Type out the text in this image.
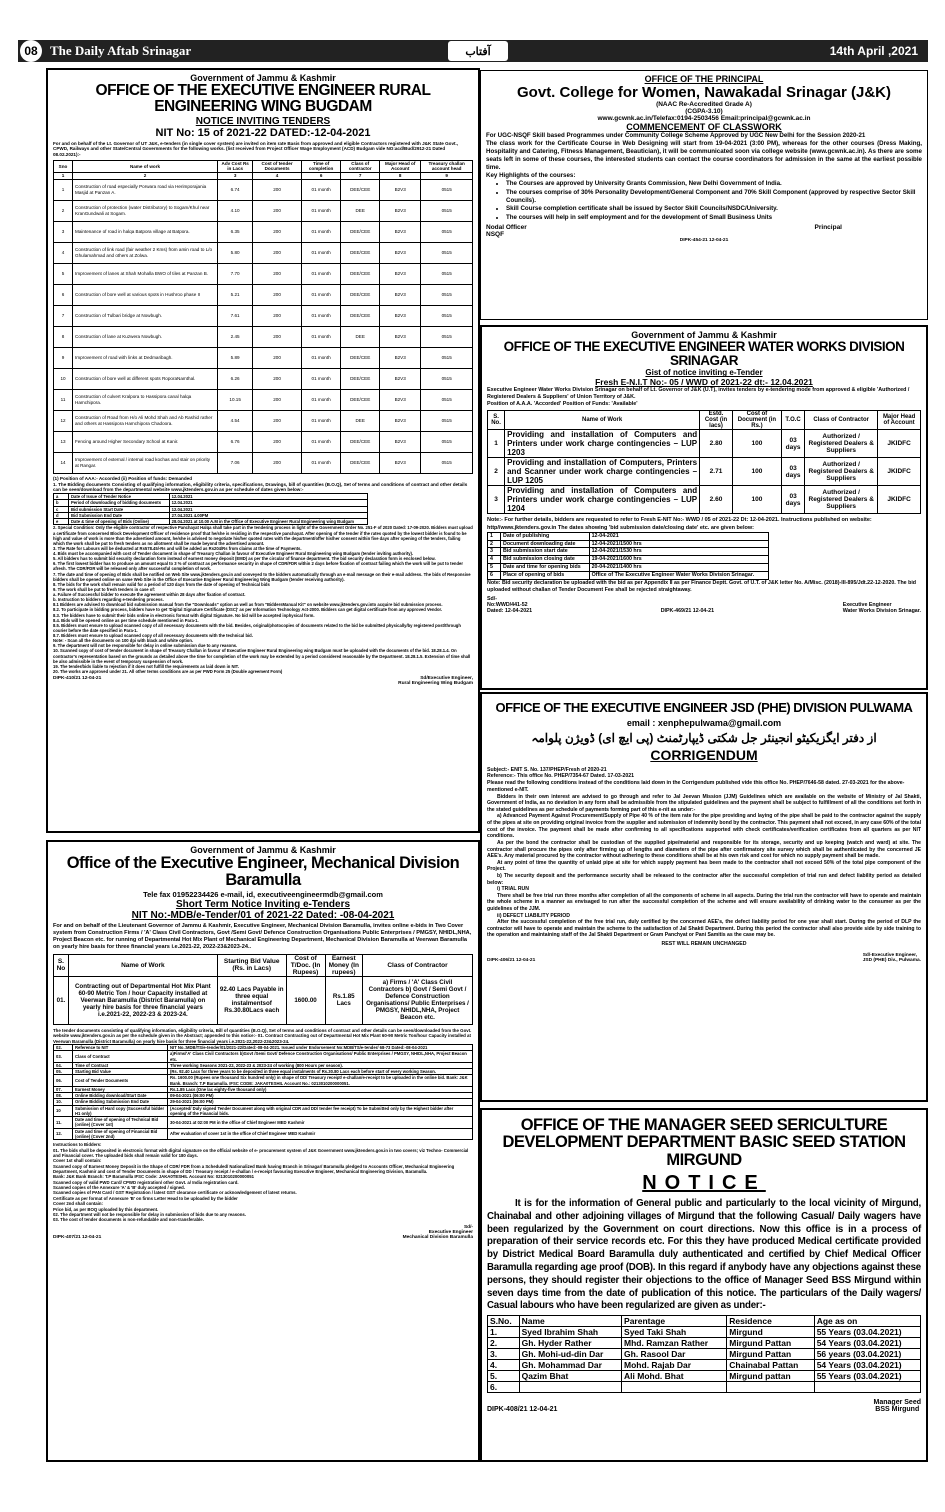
08 The Daily Aftab Srinagar	آفتاب	14th April ,2021
Government of Jammu & Kashmir
OFFICE OF THE EXECUTIVE ENGINEER RURAL ENGINEERING WING BUGDAM
NOTICE INVITING TENDERS
NIT No: 15 of 2021-22 DATED:-12-04-2021
For and on behalf of the Lt. Governor of UT J&K, e-tenders (in single cover system) are invited on item rate Basis from approved and eligible Contractors registered with J&K State Govt., CPWD, Railways and other State/Central Governments for the following works. (list received from Project Officer Wage Employment (ACD) Budgam vide NO:acd/Bud/2912-21 Dated 08.02.2021):-
Sno	Name of work	Adv Cost Rs in Lacs	Cost of tender Documents	Time of completion	Class of contractor	Major Head of Account	Treasury challan account head
1	2	3	4	6	7	8	9
1	Construction of road especially Porwara road via Herimporajania Masjid at Panzan A.	6.74	200	01 month	DEE/CEE	B2V3	0515
2	Construction of protection (water Distributory) to Sogam/Khul near KranGundwali at Sogam.	4.10	200	01 month	DEE	B2V3	0515
3	Maintenance of road in halqa Batpora village at Batpora.	6.35	200	01 month	DEE/CEE	B2V3	0515
4	Construction of link road (fair weather 2 Kms) from amin road to L/o Ghulamahmad and others at Zolwa.	5.80	200	01 month	DEE/CEE	B2V3	0515
5	Improvement of lanes at Shah Mohalla BWO of tiles at Panzan B.	7.70	200	01 month	DEE/CEE	B2V3	0515
6	Construction of bore well at various spots in Hushroo phase II	5.21	200	01 month	DEE/CEE	B2V3	0515
7	Construction of Tulbari bridge at Nowbugh.	7.61	200	01 month	DEE/CEE	B2V3	0515
8	Construction of lane at Kuzwera Nowbugh.	2.45	200	01 month	DEE	B2V3	0515
9	Improvement of road with links at Dedmaribagh.	5.89	200	01 month	DEE/CEE	B2V3	0515
10	Construction of bore well at different spots RoporaNamthal.	6.26	200	01 month	DEE/CEE	B2V3	0515
11	Construction of culvert Kralpora to Hassipora canal halqa Hamchipora.	10.15	200	01 month	DEE/CEE	B2V3	0515
12	Construction of Road from H/o Ali Mohd Shah and Ab Rashid rather and others at Hassipora Hamchipora Chadoora.	4.54	200	01 month	DEE	B2V3	0515
13	Fencing around Higher Secondary School at Kanir.	6.76	200	01 month	DEE/CEE	B2V3	0515
14	Improvement of external / internal road kochas and stair on priority at Rangar.	7.06	200	01 month	DEE/CEE	B2V3	0515
(1) Position of AAA:- Accorded (ii) Position of funds: Demanded
1. The Bidding documents Consisting of qualifying information, eligibility criteria, specifications, Drawings, bill of quantities (B.O.Q), Set of terms and conditions of contract and other details can be seen/download from the departmental website www.jktenders.gov.in as per schedule of dates given below:-
a	Date of Issue of Tender Notice	12.04.2021
b	Period of downloading of bidding documents	12.04.2021
c	Bid submission Start Date	12.04.2021
d	Bid Submission End Date	27.04.2021 4.00PM
e	Date & time of opening of Bids (Online)	28.04.2021 at 10.00 A.M in the Office of Executive Engineer Rural Engineering wing Budgam
2. Special Condition: Only the eligible contractor of respective Panchayat Halqa shall take part in the tendering process in light of the Government Order No. 251-F of 2020 Dated: 17-09-2020. Bidders must upload a certificate from concerned Block Development Officer of residence proof that he/she is residing in the respective panchayat. After opening of the tender if the rates quoted by the lowest bidder is found to be high and value of work is more than the advertised amount, he/she is advised to negotiate his/her quoted rates with the department/offer his/her consent within five days after opening of the tenders, failing which the work shall be put to fresh tenders as no allotment shall be made beyond the advertised amount.
3. The Rate for Labours will be deducted at Rs578.45/-Rs and will be added as Rs204/Rs from claims at the time of Payments.
4. Bids must be accompanied with cost of Tender document in shape of Treasury Challan in favour of Executive Engineer Rural Engineering wing Budgam (tender inviting authority).
5. All bidders has to submit bid security declaration form instead of earnest money deposit (EMD) as per the circular of finance department. The bid security declaration form is enclosed below.
6. The first lowest bidder has to produce an amount equal to 3 % of contract as performance security in shape of CDR/FDR within 2 days before fixation of contract failing which the work will be put to tender afresh. The CDR/FDR will be released only after successful completion of work.
7. The date and time of opening of Bids shall be notified on Web Site www.jktenders.gov.in and conveyed to the bidders automatically through an e-mail message on their e-mail address. The bids of Responsive bidders shall be opened online on same Web Site in the Office of Executive Engineer Rural Engineering Wing Budgam (tender receiving authority).
8. The bids for the work shall remain valid for a period of 120 days from the date of opening of Technical bids
9. The work shall be put to fresh tenders in case of:
a. Failure of Successful bidder to execute the agreement within 28 days after fixation of contract.
b. Instruction to bidders regarding e-tendering process.
8.1 Bidders are advised to download bid submission manual from the "Downloads" option as well as from "BiddersManual Kit" on website www.jktenders.gov.into acquire bid submission process.
8.2. To participate in bidding process, bidders have to get 'Digital Signature Certificate (DSC)' as per Information Technology Act-2000. Bidders can get digital certificate from any approved Vendor.
8.3. The bidders have to submit their bids online in electronic format with digital Signature. No bid will be accepted inphysical form.
8.4. Bids will be opened online as per time schedule mentioned in Para-1.
8.5. Bidders must ensure to upload scanned copy of all necessary documents with the bid. Besides, original/photocopies of documents related to the bid be submitted physically/by registered post/through courier before the date specified in Para-1.
8.7. Bidders must ensure to upload scanned copy of all necessary documents with the technical bid.
Note: - Scan all the documents on 100 dpi with black and white option.
9. The department will not be responsible for delay in online submission due to any reasons.
10. Scanned copy of cost of tender document in shape of Treasury Challan in favour of Executive Engineer Rural Engineering wing Budgam must be uploaded with the documents of the bid. 18.28.1.4. On contractor's representation based on the grounds as detailed above the time for completion of the work may be extended by a period considered reasonable by the Department. 18.28.1.5. Extension of time shall be also admissible in the event of temporary suspension of work.
19. The tender/bids liable to rejection if it does not fulfill the requirements as laid down in NIT.
20. The works are approved under 21. All other terms conditions are as per PWD Form 25 (Double agreement Form)
DIPK-410/21 12-04-21	Sd/Executive Engineer,
Rural Engineering Wing Budgam
Government of Jammu & Kashmir
Office of the Executive Engineer, Mechanical Division Baramulla
Tele fax 01952234426 e-mail, id, executiveengineermdb@gmail.com
Short Term Notice Inviting e-Tenders
NIT No:-MDB/e-Tender/01 of 2021-22 Dated: -08-04-2021
For and on behalf of the Lieutenant Governor of Jammu & Kashmir, Executive Engineer, Mechanical Division Baramulla, invites online e-bids in Two Cover system from Construction Firms / 'A' Class Civil Contractors, Govt /Semi Govt/ Defence Construction Organisations Public Enterprises / PMGSY, NHIDL,NHA, Project Beacon etc. for running of Departmental Hot Mix Plant of Mechanical Engineering Department, Mechanical Division Baramulla at Veerwan Baramulla on yearly hire basis for three financial years i.e.2021-22, 2022-23&2023-24..
S. No	Name of Work	Starting Bid Value (Rs. in Lacs)	Cost of T/Doc. (In Rupees)	Earnest Money (In rupees)	Class of Contractor
01.	Contracting out of Departmental Hot Mix Plant 60-90 Metric Ton / hour Capacity installed at Veerwan Baramulla (District Baramulla) on yearly hire basis for three financial years i.e.2021-22, 2022-23 & 2023-24.	92.40 Lacs Payable in three equal instalmentsof Rs.30.80Lacs each	1600.00	Rs.1.85 Lacs	a) Firms / 'A' Class Civil Contractors b) Govt / Semi Govt / Defence Construction Organisations/ Public Enterprises / PMGSY, NHIDL,NHA, Project Beacon etc.
The tender documents consisting of qualifying information, eligibility criteria, Bill of quantities (B.O.Q), Set of terms and conditions of contract and other details can be seen/downloaded from the Govt. website www.jktenders.gov.in as per the schedule given in the Abstract; appended to this notice:- 01. Contract Contracting out of Departmental Hot Mix Plant 60-90 Metric Ton/hour Capacity installed at Veerwan Baramulla (District Baramulla) on yearly hire basis for three financial years i.e.2021-22,2022-23&2023-24.
02.	Reference to NIT	NIT No.:MDB/TS/e-tender/01/2021-22/Dated:-08-04-2021. Issued under Endorsement No:MDB/TS/e-tender/ 68-73 Dated:-08-04-2021
03.	Class of Contract	a)Firms/'A' Class Civil Contractors b)Govt /Semi Govt/ Defence Construction Organisations/ Public Enterprises / PMGSY, NHIDL,NHA, Project Beacon etc.
04.	Time of Contract	Three working Seasons 2021-22, 2022-23 & 2023-24 of working (800 Hours per season).
05.	Starting Bid Value	(Rs. 92.40 Lacs for three years to be deposited in three equal instalments of Rs.30.80 Lacs each before start of every working Season.
06.	Cost of Tender Documents	Rs. 1600.00 (Rupees one thousand Six hundred only) in shape of DD/ Treasury receipt/ e-challan/e-receipt to be uploaded in the online bid. Bank: J&K Bank. Branch: T.P Baramulla. IFSC CODE: JAKA0TESHIL Account No.: 0213010200000051.
07.	Earnest Money	Rs.1.85 Lacs (One lac eighty-five thousand only)
08.	Online Bidding download/Start Date	09-04-2021 (06:00 PM)
10.	Online Bidding Submission End Date	29-04-2021 (06:00 PM)
10	Submission of Hard copy (Successful bidder H1 only)	(Accepted/ Duly signed Tender Document along with original CDR and DD/ tender fee receipt) To be Submitted only by the Highest bidder after opening of the Financial bids.
11.	Date and time of opening of Technical Bid (online) (Cover 1st)	30-04-2021 at 02:00 PM in the office of Chief Engineer MED Kashmir
12.	Date and time of opening of Financial Bid (online) (Cover 2nd)	After evaluation of cover 1st in the office of Chief Engineer MED Kashmir
Instructions to Bidders:
01. The bids shall be deposited in electronic format with digital signature on the official website of e- procurement system of J&K Government www.jktenders.gov.in in two covers; viz Techno- Commercial and Financial cover. The uploaded bids shall remain valid for 180 days.
Cover 1st shall contain:
Scanned copy of Earnest Money Deposit in the Shape of CDR/ FDR from a Scheduled/ Nationalized Bank having Branch in Srinagar/ Baramulla pledged to Accounts Officer, Mechanical Engineering Department, Kashmir and cost of Tender Documents in shape of DD / Treasury receipt / e-challan / e-receipt favouring Executive Engineer, Mechanical Engineering Division, Baramulla.
Bank: J&K Bank Branch: T.P Baramulla IFSC Code: JAKA0TESHIL Account No: 0213010200000051
Scanned copy of valid PWD Card/ CPWD registration/ other Govt. a/ India registration card.
Scanned copies of the Annexure 'A' & 'B' duly accepted / signed.
Scanned copies of PAN Card / GST Registration / latest GST clearance certificate or acknowledgement of latest returns.
Certificate as per format of Annexure 'B' on firms Letter Head to be uploaded by the bidder
Cover 2nd shall contain:
Price bid, as per BOQ uploaded by this department.
02. The department will not be responsible for delay in submission of bids due to any reasons.
03. The cost of tender documents is non-refundable and non-transferable.
DIPK-407/21 12-04-21
Sd/-
Executive Engineer
Mechanical Division Baramulla
OFFICE OF THE PRINCIPAL
Govt. College for Women, Nawakadal Srinagar (J&K)
(NAAC Re-Accredited Grade A)
(CGPA-3.10)
www.gcwnk.ac.in/Telefax:0194-2503456 Email:principal@gcwnk.ac.in
COMMENCEMENT OF CLASSWORK
For UGC-NSQF Skill based Programmes under Community College Scheme Approved by UGC New Delhi for the Session 2020-21
The class work for the Certificate Course in Web Designing will start from 19-04-2021 (3:00 PM), whereas for the other courses (Dress Making, Hospitality and Catering, Fitness Management, Beautician), it will be communicated soon via college website (www.gcwnk.ac.in). As there are some seats left in some of these courses, the interested students can contact the course coordinators for admission in the same at the earliest possible time.
Key Highlights of the courses:
• The Courses are approved by University Grants Commission, New Delhi Government of India.
• The courses comprise of 30% Personality Development/General Component and 70% Skill Component (approved by respective Sector Skill Councils).
• Skill Course completion certificate shall be issued by Sector Skill Councils/NSDC/University.
• The courses will help in self employment and for the development of Small Business Units
Nodal Officer
NSQF
Principal
DIPK-454-21 12-04-21
Government of Jammu & Kashmir
OFFICE OF THE EXECUTIVE ENGINEER WATER WORKS DIVISION SRINAGAR
Gist of notice inviting e-Tender
Fresh E-N.I.T No:- 05 / WWD of 2021-22 dt:- 12.04.2021
Executive Engineer Water Works Division Srinagar on behalf of Lt. Governor of J&K (U.T), invites tenders by e-tendering mode from approved & eligible 'Authorized / Registered Dealers & Suppliers' of Union Territory of J&K.
Position of A.A.A. 'Accorded' Position of Funds: 'Available'
S. No.	Name of Work	Estd. Cost (in lacs)	Cost of Document (in Rs.)	T.O.C	Class of Contractor	Major Head of Account
1	Providing and installation of Computers and Printers under work charge contingencies – LUP 1203	2.80	100	03 days	Authorized / Registered Dealers & Suppliers	JKIDFC
2	Providing and installation of Computers, Printers and Scanner under work charge contingencies – LUP 1205	2.71	100	03 days	Authorized / Registered Dealers & Suppliers	JKIDFC
3	Providing and installation of Computers and Printers under work charge contingencies – LUP 1204	2.60	100	03 days	Authorized / Registered Dealers & Suppliers	JKIDFC
Note:- For further details, bidders are requested to refer to Fresh E-NIT No:- WWD / 05 of 2021-22 Dt: 12-04-2021. Instructions published on website: http//www.jktenders.gov.in The dates showing 'bid submission date/closing date' etc. are given below:
1	Date of publishing	12-04-2021
2	Document downloading date	12-04-2021/1500 hrs
3	Bid submission start date	12-04-2021/1530 hrs
4	Bid submission closing date	19-04-2021/1600 hrs
5	Date and time for opening bids	20-04-2021/1400 hrs
6	Place of opening of bids	Office of The Executive Engineer Water Works Division Srinagar.
Note: Bid security declaration be uploaded with the bid as per Appendix II as per Finance Deptt. Govt. of U.T. of J&K letter No. A/Misc. (2018)-III-895/Jdt.22-12-2020. The bid uploaded without challan of Tender Document Fee shall be rejected straightaway.
Sd/-
No:WWD/441-52
Dated: 12-04-2021	DIPK-469/21 12-04-21
Executive Engineer
Water Works Division Srinagar.
OFFICE OF THE EXECUTIVE ENGINEER JSD (PHE) DIVISION PULWAMA
email : xenphepulwama@gmail.com
از دفتر ایگزیکیٹو انجینئر جل شکتی ڈیپارٹمنٹ (پی ایچ ای) ڈویژن پلوامہ
CORRIGENDUM
Subject:- ENIT S. No. 137/PHEP/Fresh of 2020-21
Reference:- This office No. PHEP/7354-67 Dated. 17-03-2021
Please read the following conditions instead of the conditions laid down in the Corrigendum published vide this office No. PHEP/7646-58 dated. 27-03-2021 for the above-mentioned e-NIT.
Bidders in their own interest are advised to go through and refer to Jal Jeevan Mission (JJM) Guidelines which are available on the website of Ministry of Jal Shakti, Government of India, as no deviation in any form shall be admissible from the stipulated guidelines and the payment shall be subject to fulfillment of all the conditions set forth in the stated guidelines as per schedule of payments forming part of this e-nit as under:-
a) Advanced Payment Against Procurement/Supply of Pipe 40 % of the item rate for the pipe providing and laying of the pipe shall be paid to the contractor against the supply of the pipes at site on providing original invoice from the supplier and submission of indemnity bond by the contractor. This payment shall not exceed, in any case 60% of the total cost of the invoice. The payment shall be made after confirming to all specifications supported with check certificates/verification certificates from all quarters as per NIT conditions.
As per the bond the contractor shall be custodian of the supplied pipe/material and responsible for its storage, security and up keeping (watch and ward) at site. The contractor shall procure the pipes only after firming up of lengths and diameters of the pipe after confirmatory site survey which shall be authenticated by the concerned JE AEE's. Any material procured by the contractor without adhering to these conditions shall be at his own risk and cost for which no supply payment shall be made.
At any point of time the quantity of unlaid pipe at site for which supply payment has been made to the contractor shall not exceed 50% of the total pipe component of the Project.
b) The security deposit and the performance security shall be released to the contractor after the successful completion of trial run and defect liability period as detailed below:
i) TRIAL RUN
There shall be free trial run three months after completion of all the components of scheme in all aspects. During the trial run the contractor will have to operate and maintain the whole scheme in a manner as envisaged to run after the successful completion of the scheme and will ensure availability of drinking water to the consumer as per the guidelines of the JJM.
ii) DEFECT LIABILITY PERIOD
After the successful completion of the free trial run, duly certified by the concerned AEE's, the defect liability period for one year shall start. During the period of DLP the contractor will have to operate and maintain the scheme to the satisfaction of Jal Shakti Department. During this period the contractor shall also provide side by side training to the operation and maintaining staff of the Jal Shakti Department or Gram Panchyat or Pani Samitis as the case may be.
REST WILL REMAIN UNCHANGED
DIPK-406/21 12-04-21
Sd/-Executive Engineer,
JSD (PHE) Div., Pulwama.
OFFICE OF THE MANAGER SEED SERICULTURE DEVELOPMENT DEPARTMENT BASIC SEED STATION MIRGUND
NOTICE
It is for the information of General public and particularly to the local vicinity of Mirgund, Chainabal and other adjoining villages of Mirgund that the following Casual/ Daily wagers have been regularized by the Government on court directions. Now this office is in a process of preparation of their service records etc. For this they have produced Medical certificate provided by District Medical Board Baramulla duly authenticated and certified by Chief Medical Officer Baramulla regarding age proof (DOB). In this regard if anybody have any objections against these persons, they should register their objections to the office of Manager Seed BSS Mirgund within seven days time from the date of publication of this notice. The particulars of the Daily wagers/ Casual labours who have been regularized are given as under:-
S.No.	Name	Parentage	Residence	Age as on
1.	Syed Ibrahim Shah	Syed Taki Shah	Mirgund	55 Years (03.04.2021)
2.	Gh. Hyder Rather	Mhd. Ramzan Rather	Mirgund Pattan	54 Years (03.04.2021)
3.	Gh. Mohi-ud-din Dar	Gh. Rasool Dar	Mirgund Pattan	56 years (03.04.2021)
4.	Gh. Mohammad Dar	Mohd. Rajab Dar	Chainabal Pattan	54 Years (03.04.2021)
5.	Qazim Bhat	Ali Mohd. Bhat	Mirgund pattan	55 Years (03.04.2021)
6.				
DIPK-408/21 12-04-21
Manager Seed
BSS Mirgund
